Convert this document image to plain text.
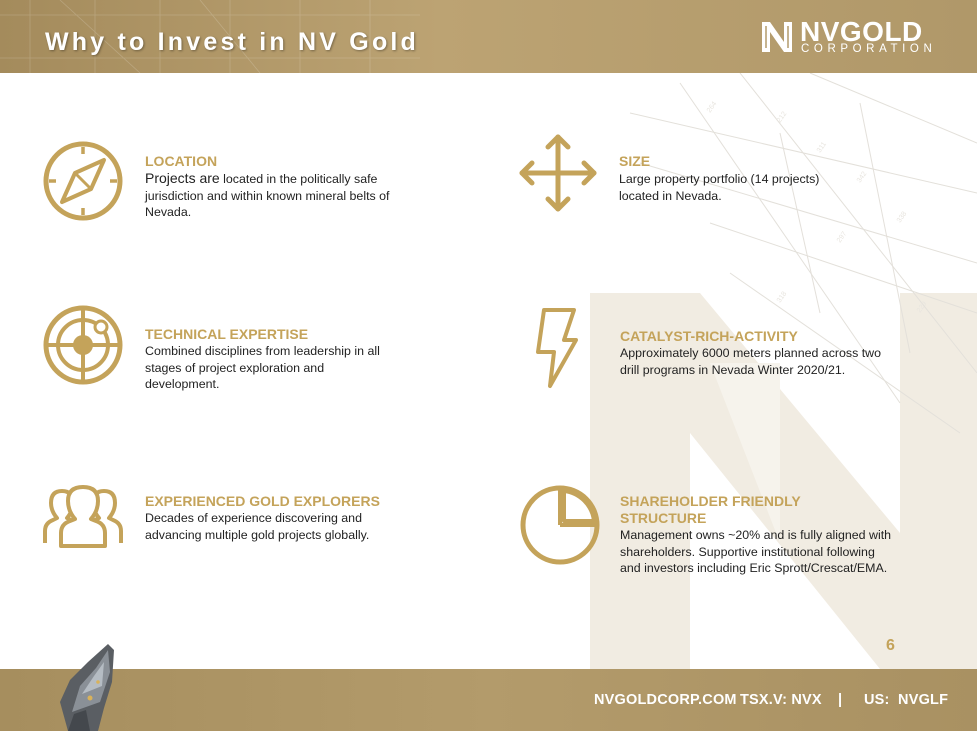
Why to Invest in NV Gold	NVGOLD
CORPORATION
264
212
311
342
338
297
318
229
LOCATION
Projects are located in the politically safe jurisdiction and within known mineral belts of Nevada.
SIZE
Large property portfolio (14 projects) located in Nevada.
TECHNICAL EXPERTISE
Combined disciplines from leadership in all stages of project exploration and development.
CATALYST-RICH-ACTIVITY
Approximately 6000 meters planned across two drill programs in Nevada Winter 2020/21.
EXPERIENCED GOLD EXPLORERS
Decades of experience discovering and advancing multiple gold projects globally.
SHAREHOLDER FRIENDLY
STRUCTURE
Management owns ~20% and is fully aligned with shareholders. Supportive institutional following and investors including Eric Sprott/Crescat/EMA.
6
NVGOLDCORP.COM TSX.V: NVX | US:  NVGLF
